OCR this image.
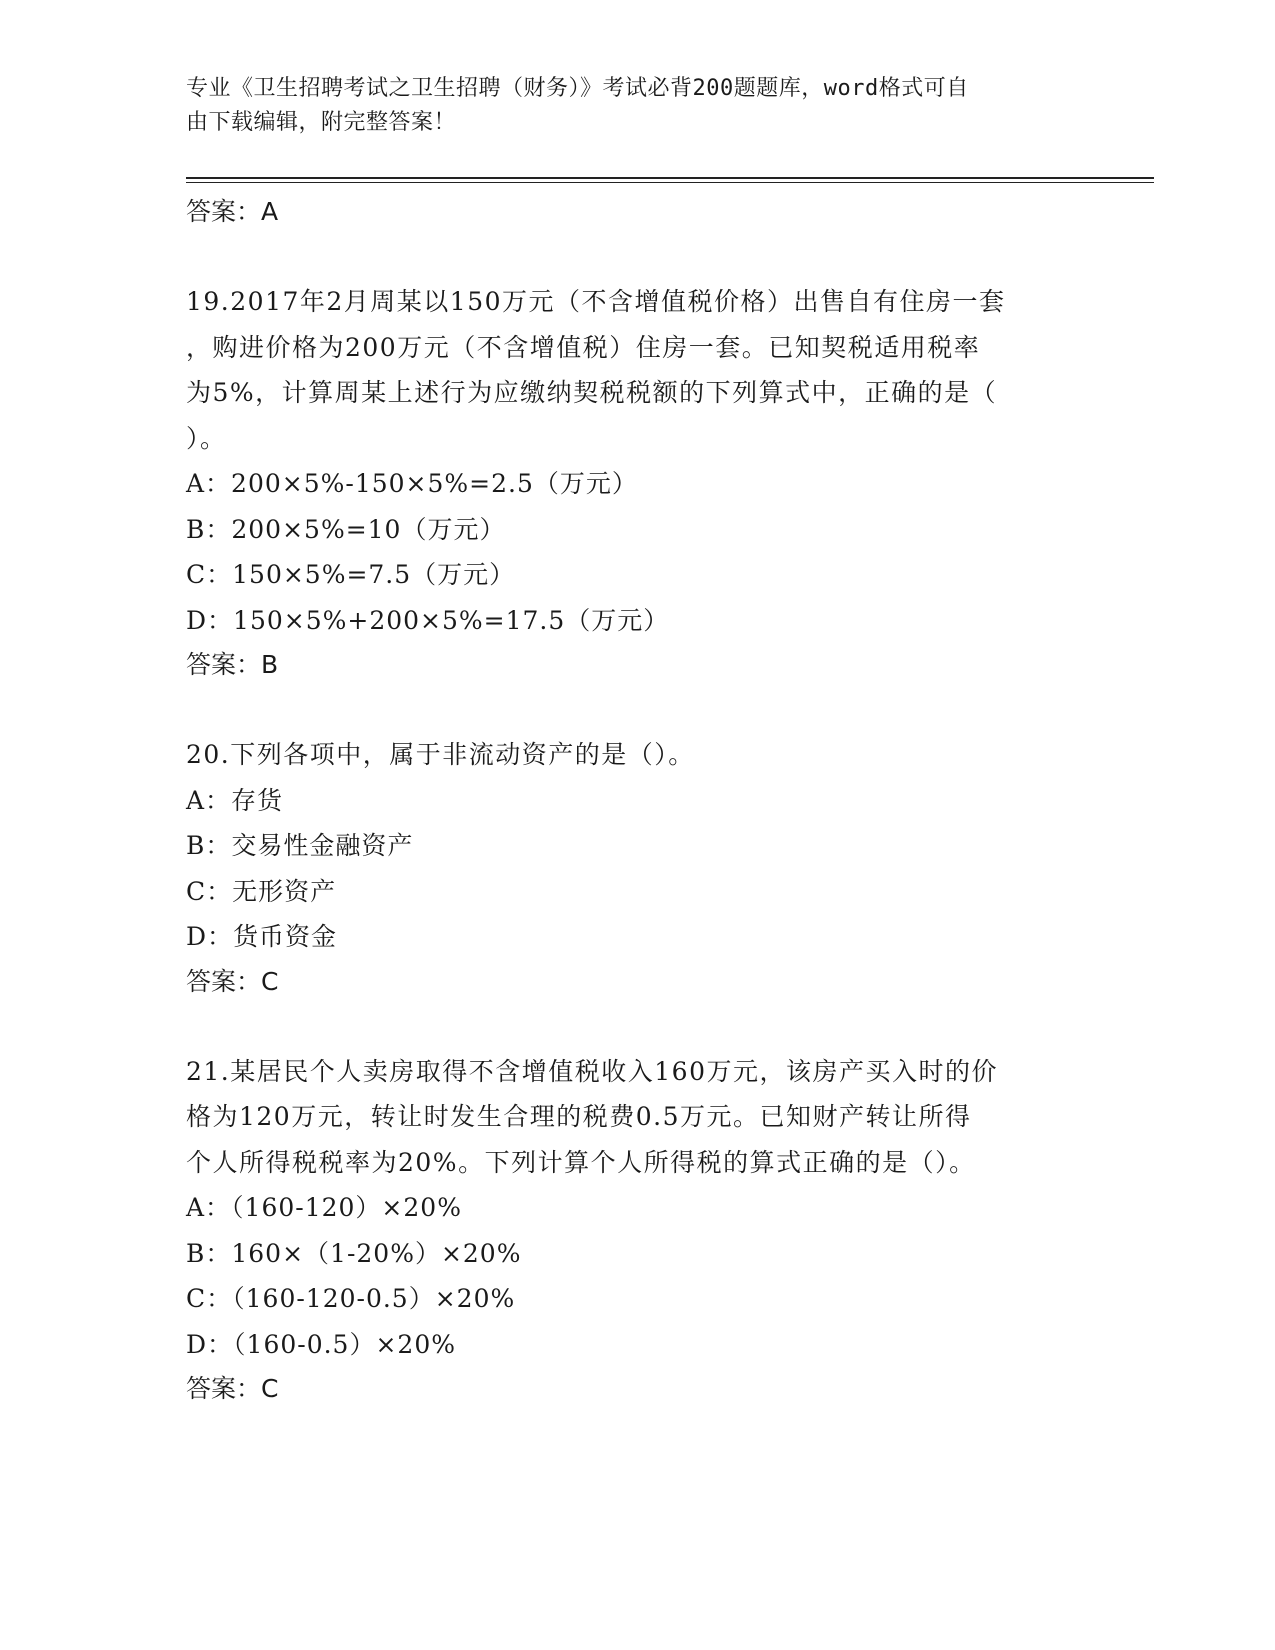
专业《卫生招聘考试之卫生招聘（财务）》考试必背200题题库，word格式可自
由下载编辑，附完整答案！
答案：A
19.2017年2月周某以150万元（不含增值税价格）出售自有住房一套
，购进价格为200万元（不含增值税）住房一套。已知契税适用税率
为5%，计算周某上述行为应缴纳契税税额的下列算式中，正确的是（
）。
A：200×5%-150×5%=2.5（万元）
B：200×5%=10（万元）
C：150×5%=7.5（万元）
D：150×5%+200×5%=17.5（万元）
答案：B
20.下列各项中，属于非流动资产的是（）。
A：存货
B：交易性金融资产
C：无形资产
D：货币资金
答案：C
21.某居民个人卖房取得不含增值税收入160万元，该房产买入时的价
格为120万元，转让时发生合理的税费0.5万元。已知财产转让所得
个人所得税税率为20%。下列计算个人所得税的算式正确的是（）。
A：（160-120）×20%
B：160×（1-20%）×20%
C：（160-120-0.5）×20%
D：（160-0.5）×20%
答案：C
